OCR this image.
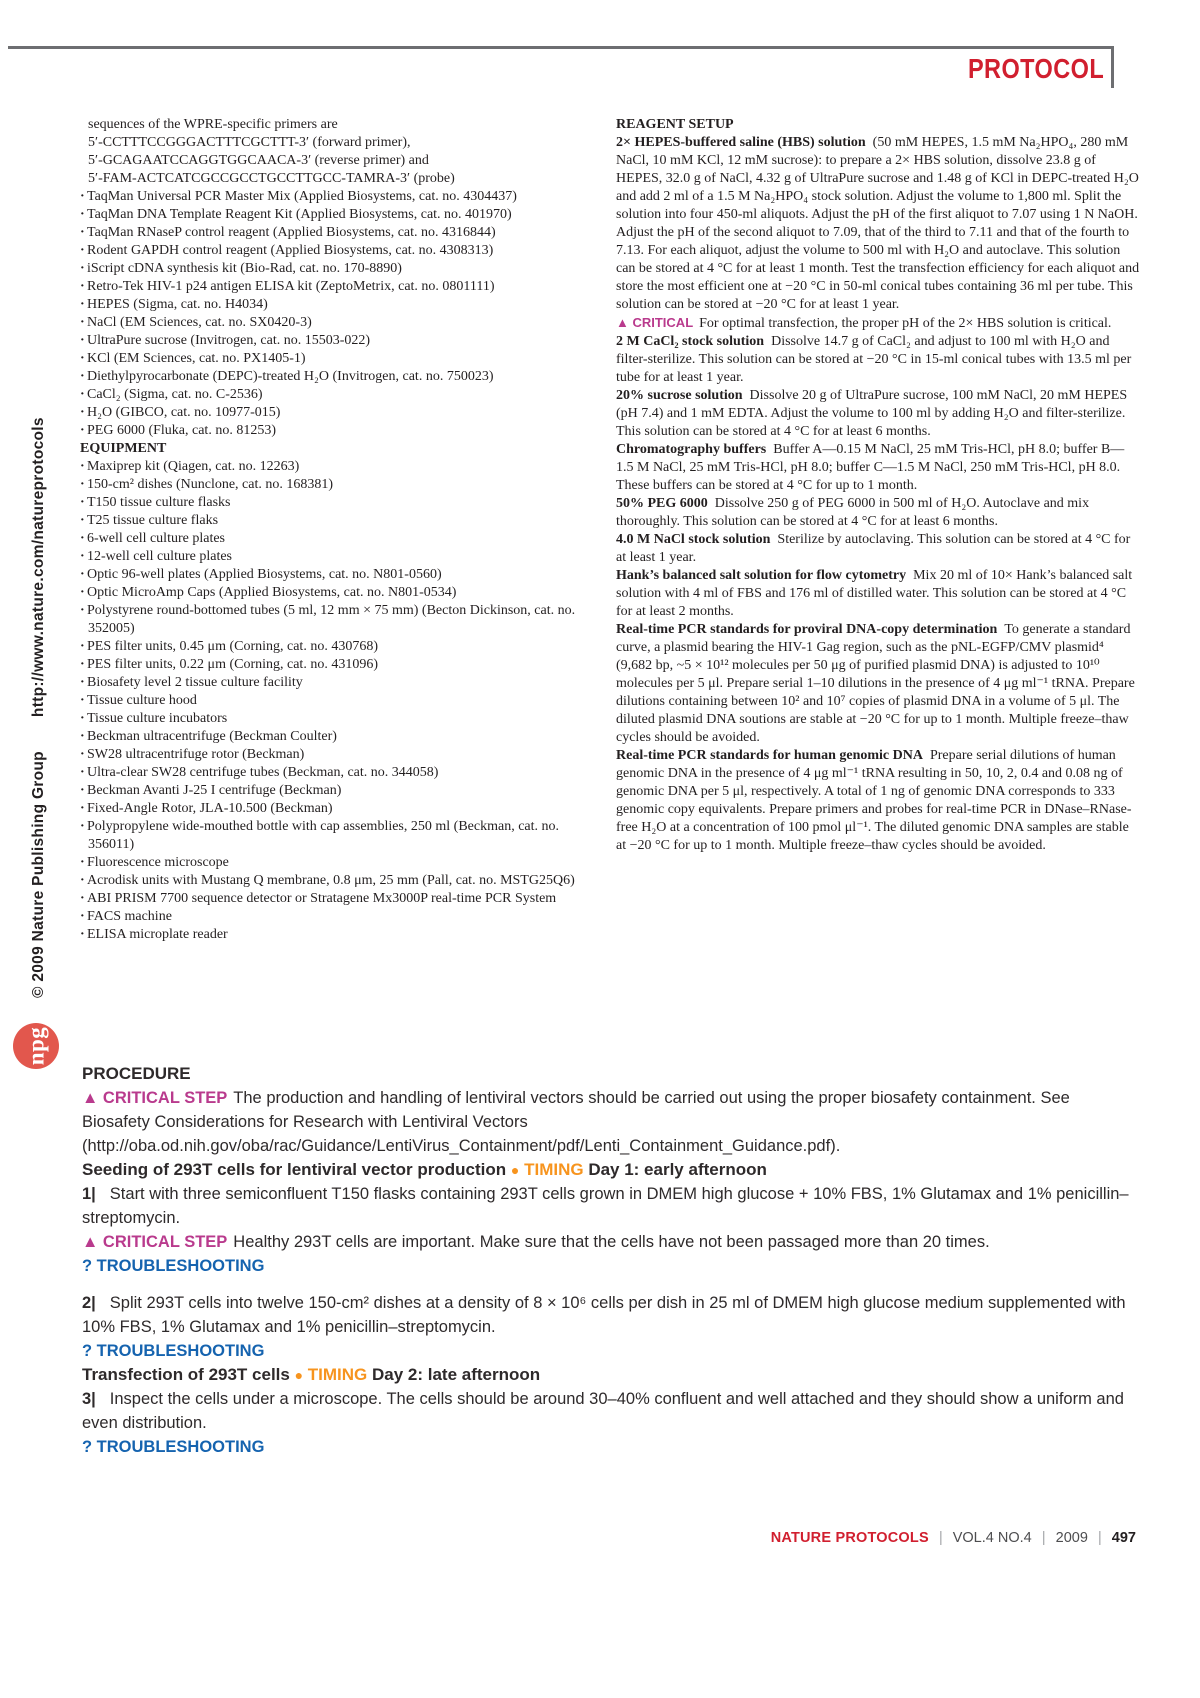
PROTOCOL
© 2009 Nature Publishing Group
http://www.nature.com/natureprotocols
npg
sequences of the WPRE-specific primers are
5′-CCTTTCCGGGACTTTCGCTTT-3′ (forward primer),
5′-GCAGAATCCAGGTGGCAACA-3′ (reverse primer) and
5′-FAM-ACTCATCGCCGCCTGCCTTGCC-TAMRA-3′ (probe)
· TaqMan Universal PCR Master Mix (Applied Biosystems, cat. no. 4304437)
· TaqMan DNA Template Reagent Kit (Applied Biosystems, cat. no. 401970)
· TaqMan RNaseP control reagent (Applied Biosystems, cat. no. 4316844)
· Rodent GAPDH control reagent (Applied Biosystems, cat. no. 4308313)
· iScript cDNA synthesis kit (Bio-Rad, cat. no. 170-8890)
· Retro-Tek HIV-1 p24 antigen ELISA kit (ZeptoMetrix, cat. no. 0801111)
· HEPES (Sigma, cat. no. H4034)
· NaCl (EM Sciences, cat. no. SX0420-3)
· UltraPure sucrose (Invitrogen, cat. no. 15503-022)
· KCl (EM Sciences, cat. no. PX1405-1)
· Diethylpyrocarbonate (DEPC)-treated H₂O (Invitrogen, cat. no. 750023)
· CaCl₂ (Sigma, cat. no. C-2536)
· H₂O (GIBCO, cat. no. 10977-015)
· PEG 6000 (Fluka, cat. no. 81253)
EQUIPMENT
· Maxiprep kit (Qiagen, cat. no. 12263)
· 150-cm² dishes (Nunclone, cat. no. 168381)
· T150 tissue culture flasks
· T25 tissue culture flaks
· 6-well cell culture plates
· 12-well cell culture plates
· Optic 96-well plates (Applied Biosystems, cat. no. N801-0560)
· Optic MicroAmp Caps (Applied Biosystems, cat. no. N801-0534)
· Polystyrene round-bottomed tubes (5 ml, 12 mm × 75 mm) (Becton Dickinson, cat. no. 352005)
· PES filter units, 0.45 μm (Corning, cat. no. 430768)
· PES filter units, 0.22 μm (Corning, cat. no. 431096)
· Biosafety level 2 tissue culture facility
· Tissue culture hood
· Tissue culture incubators
· Beckman ultracentrifuge (Beckman Coulter)
· SW28 ultracentrifuge rotor (Beckman)
· Ultra-clear SW28 centrifuge tubes (Beckman, cat. no. 344058)
· Beckman Avanti J-25 I centrifuge (Beckman)
· Fixed-Angle Rotor, JLA-10.500 (Beckman)
· Polypropylene wide-mouthed bottle with cap assemblies, 250 ml (Beckman, cat. no. 356011)
· Fluorescence microscope
· Acrodisk units with Mustang Q membrane, 0.8 μm, 25 mm (Pall, cat. no. MSTG25Q6)
· ABI PRISM 7700 sequence detector or Stratagene Mx3000P real-time PCR System
· FACS machine
· ELISA microplate reader
REAGENT SETUP

2× HEPES-buffered saline (HBS) solution (50 mM HEPES, 1.5 mM Na₂HPO₄, 280 mM NaCl, 10 mM KCl, 12 mM sucrose): to prepare a 2× HBS solution, dissolve 23.8 g of HEPES, 32.0 g of NaCl, 4.32 g of UltraPure sucrose and 1.48 g of KCl in DEPC-treated H₂O and add 2 ml of a 1.5 M Na₂HPO₄ stock solution. Adjust the volume to 1,800 ml. Split the solution into four 450-ml aliquots. Adjust the pH of the first aliquot to 7.07 using 1 N NaOH. Adjust the pH of the second aliquot to 7.09, that of the third to 7.11 and that of the fourth to 7.13. For each aliquot, adjust the volume to 500 ml with H₂O and autoclave. This solution can be stored at 4 °C for at least 1 month. Test the transfection efficiency for each aliquot and store the most efficient one at −20 °C in 50-ml conical tubes containing 36 ml per tube. This solution can be stored at −20 °C for at least 1 year.

▲ CRITICAL For optimal transfection, the proper pH of the 2× HBS solution is critical.

2 M CaCl₂ stock solution Dissolve 14.7 g of CaCl₂ and adjust to 100 ml with H₂O and filter-sterilize. This solution can be stored at −20 °C in 15-ml conical tubes with 13.5 ml per tube for at least 1 year.

20% sucrose solution Dissolve 20 g of UltraPure sucrose, 100 mM NaCl, 20 mM HEPES (pH 7.4) and 1 mM EDTA. Adjust the volume to 100 ml by adding H₂O and filter-sterilize. This solution can be stored at 4 °C for at least 6 months.

Chromatography buffers Buffer A—0.15 M NaCl, 25 mM Tris-HCl, pH 8.0; buffer B—1.5 M NaCl, 25 mM Tris-HCl, pH 8.0; buffer C—1.5 M NaCl, 250 mM Tris-HCl, pH 8.0. These buffers can be stored at 4 °C for up to 1 month.

50% PEG 6000 Dissolve 250 g of PEG 6000 in 500 ml of H₂O. Autoclave and mix thoroughly. This solution can be stored at 4 °C for at least 6 months.

4.0 M NaCl stock solution Sterilize by autoclaving. This solution can be stored at 4 °C for at least 1 year.

Hank’s balanced salt solution for flow cytometry Mix 20 ml of 10× Hank’s balanced salt solution with 4 ml of FBS and 176 ml of distilled water. This solution can be stored at 4 °C for at least 2 months.

Real-time PCR standards for proviral DNA-copy determination To generate a standard curve, a plasmid bearing the HIV-1 Gag region, such as the pNL-EGFP/CMV plasmid⁴ (9,682 bp, ~5 × 10¹² molecules per 50 μg of purified plasmid DNA) is adjusted to 10¹⁰ molecules per 5 μl. Prepare serial 1–10 dilutions in the presence of 4 μg ml⁻¹ tRNA. Prepare dilutions containing between 10² and 10⁷ copies of plasmid DNA in a volume of 5 μl. The diluted plasmid DNA soutions are stable at −20 °C for up to 1 month. Multiple freeze–thaw cycles should be avoided.

Real-time PCR standards for human genomic DNA Prepare serial dilutions of human genomic DNA in the presence of 4 μg ml⁻¹ tRNA resulting in 50, 10, 2, 0.4 and 0.08 ng of genomic DNA per 5 μl, respectively. A total of 1 ng of genomic DNA corresponds to 333 genomic copy equivalents. Prepare primers and probes for real-time PCR in DNase–RNase-free H₂O at a concentration of 100 pmol μl⁻¹. The diluted genomic DNA samples are stable at −20 °C for up to 1 month. Multiple freeze–thaw cycles should be avoided.

PROCEDURE

▲ CRITICAL STEP The production and handling of lentiviral vectors should be carried out using the proper biosafety containment. See Biosafety Considerations for Research with Lentiviral Vectors (http://oba.od.nih.gov/oba/rac/Guidance/LentiVirus_Containment/pdf/Lenti_Containment_Guidance.pdf).

Seeding of 293T cells for lentiviral vector production ● TIMING Day 1: early afternoon

1| Start with three semiconfluent T150 flasks containing 293T cells grown in DMEM high glucose + 10% FBS, 1% Glutamax and 1% penicillin–streptomycin.

▲ CRITICAL STEP Healthy 293T cells are important. Make sure that the cells have not been passaged more than 20 times.

? TROUBLESHOOTING

2| Split 293T cells into twelve 150-cm² dishes at a density of 8 × 10⁶ cells per dish in 25 ml of DMEM high glucose medium supplemented with 10% FBS, 1% Glutamax and 1% penicillin–streptomycin.

? TROUBLESHOOTING

Transfection of 293T cells ● TIMING Day 2: late afternoon

3| Inspect the cells under a microscope. The cells should be around 30–40% confluent and well attached and they should show a uniform and even distribution.

? TROUBLESHOOTING

NATURE PROTOCOLS | VOL.4 NO.4 | 2009 | 497
